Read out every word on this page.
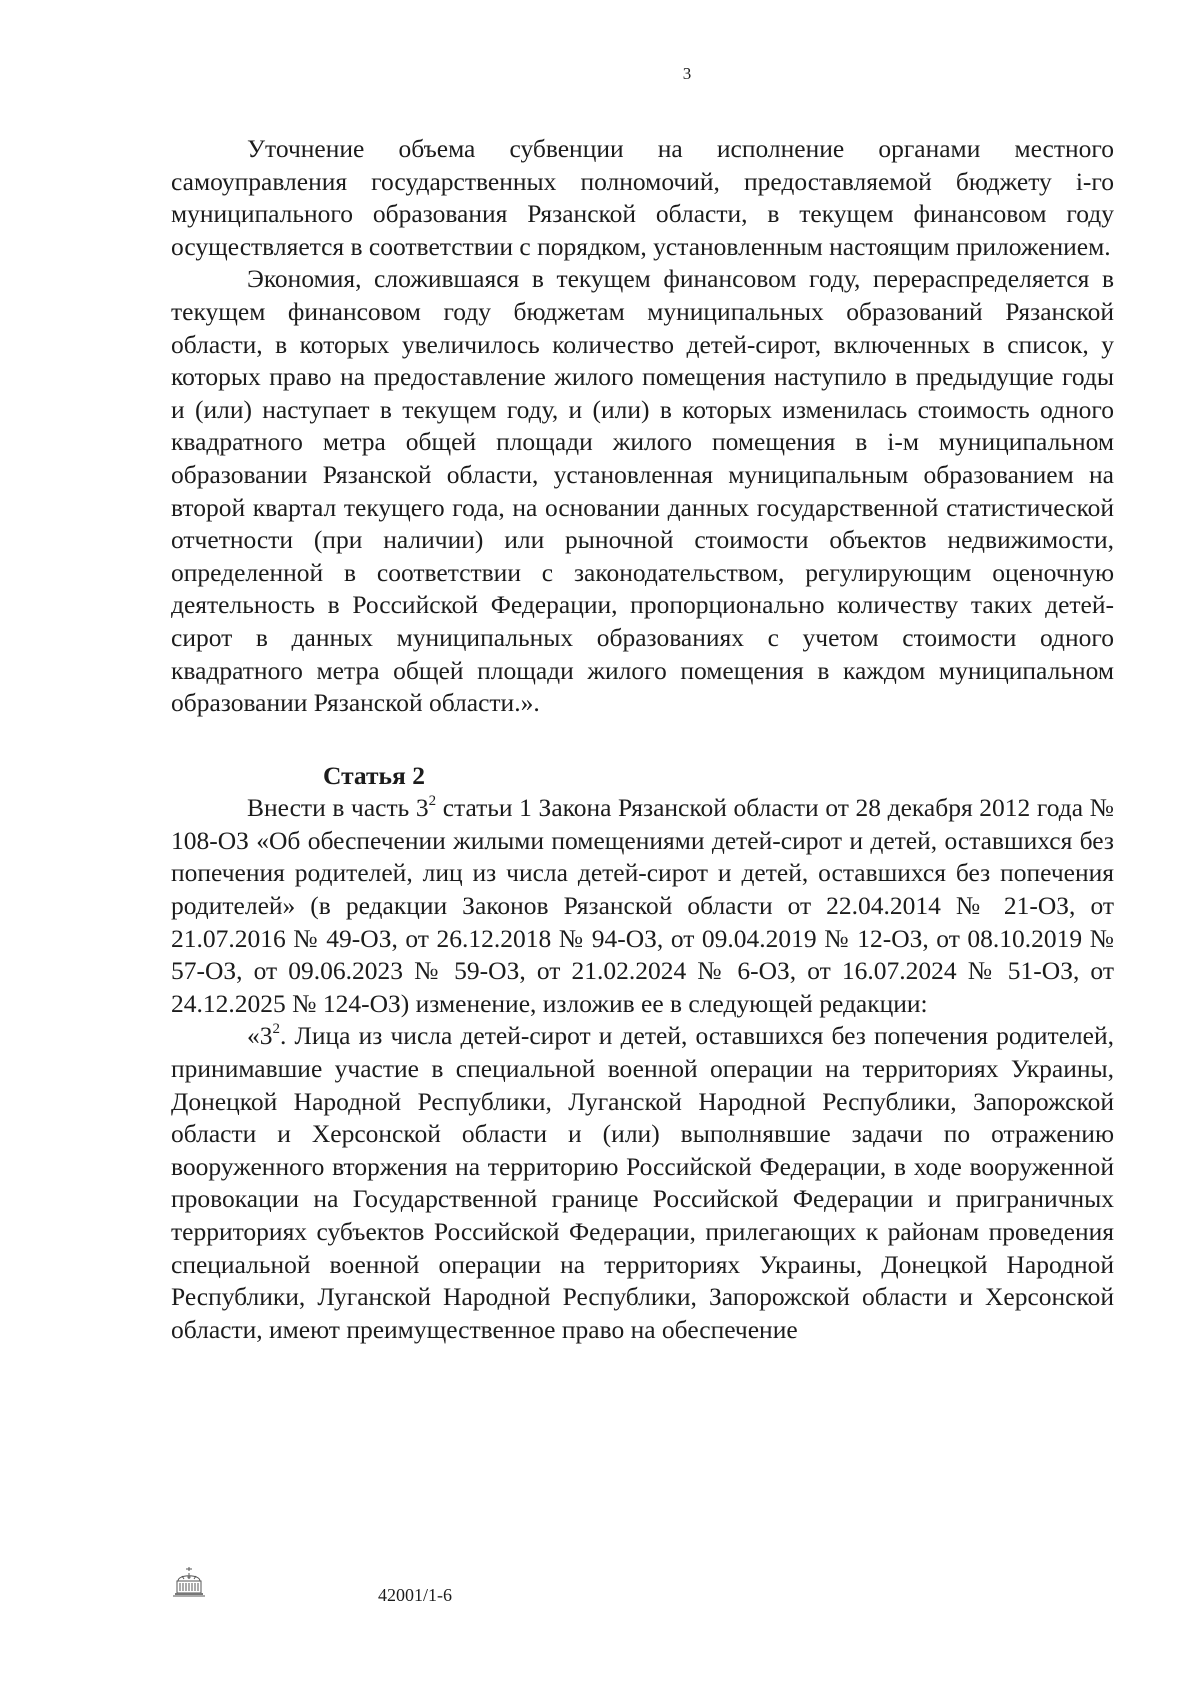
3

Уточнение объема субвенции на исполнение органами местного самоуправления государственных полномочий, предоставляемой бюджету i-го муниципального образования Рязанской области, в текущем финансовом году осуществляется в соответствии с порядком, установленным настоящим приложением.

Экономия, сложившаяся в текущем финансовом году, перераспределяется в текущем финансовом году бюджетам муниципальных образований Рязанской области, в которых увеличилось количество детей-сирот, включенных в список, у которых право на предоставление жилого помещения наступило в предыдущие годы и (или) наступает в текущем году, и (или) в которых изменилась стоимость одного квадратного метра общей площади жилого помещения в i-м муниципальном образовании Рязанской области, установленная муниципальным образованием на второй квартал текущего года, на основании данных государственной статистической отчетности (при наличии) или рыночной стоимости объектов недвижимости, определенной в соответствии с законодательством, регулирующим оценочную деятельность в Российской Федерации, пропорционально количеству таких детей-сирот в данных муниципальных образованиях с учетом стоимости одного квадратного метра общей площади жилого помещения в каждом муниципальном образовании Рязанской области.».

Статья 2

Внести в часть $3^2$ статьи 1 Закона Рязанской области от 28 декабря 2012 года № 108-ОЗ «Об обеспечении жилыми помещениями детей-сирот и детей, оставшихся без попечения родителей, лиц из числа детей-сирот и детей, оставшихся без попечения родителей» (в редакции Законов Рязанской области от 22.04.2014 № 21-ОЗ, от 21.07.2016 № 49-ОЗ, от 26.12.2018 № 94-ОЗ, от 09.04.2019 № 12-ОЗ, от 08.10.2019 № 57-ОЗ, от 09.06.2023 № 59-ОЗ, от 21.02.2024 № 6-ОЗ, от 16.07.2024 № 51-ОЗ, от 24.12.2025 № 124-ОЗ) изменение, изложив ее в следующей редакции:

«$3^2$. Лица из числа детей-сирот и детей, оставшихся без попечения родителей, принимавшие участие в специальной военной операции на территориях Украины, Донецкой Народной Республики, Луганской Народной Республики, Запорожской области и Херсонской области и (или) выполнявшие задачи по отражению вооруженного вторжения на территорию Российской Федерации, в ходе вооруженной провокации на Государственной границе Российской Федерации и приграничных территориях субъектов Российской Федерации, прилегающих к районам проведения специальной военной операции на территориях Украины, Донецкой Народной Республики, Луганской Народной Республики, Запорожской области и Херсонской области, имеют преимущественное право на обеспечение

42001/1-6
